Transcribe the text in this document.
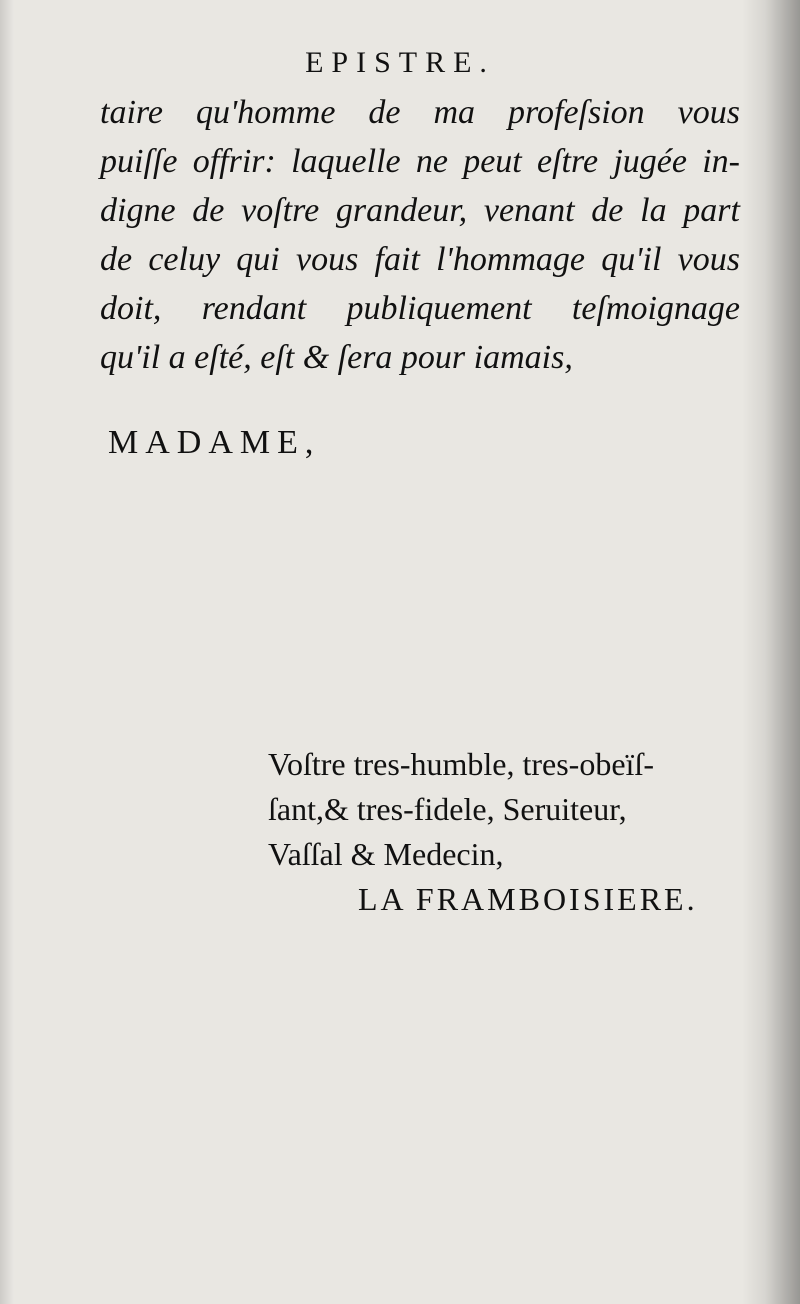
EPISTRE.
taire qu'homme de ma profeſsion vous
puiſſe offrir: laquelle ne peut eſtre jugée in-
digne de voſtre grandeur, venant de la part
de celuy qui vous fait l'hommage qu'il vous
doit, rendant publiquement teſmoignage
qu'il a eſté, eſt & ſera pour iamais,
MADAME,
Voſtre tres-humble, tres-obeïſ-
ſant,& tres-fidele, Seruiteur,
Vaſſal & Medecin,
LA FRAMBOISIERE.
